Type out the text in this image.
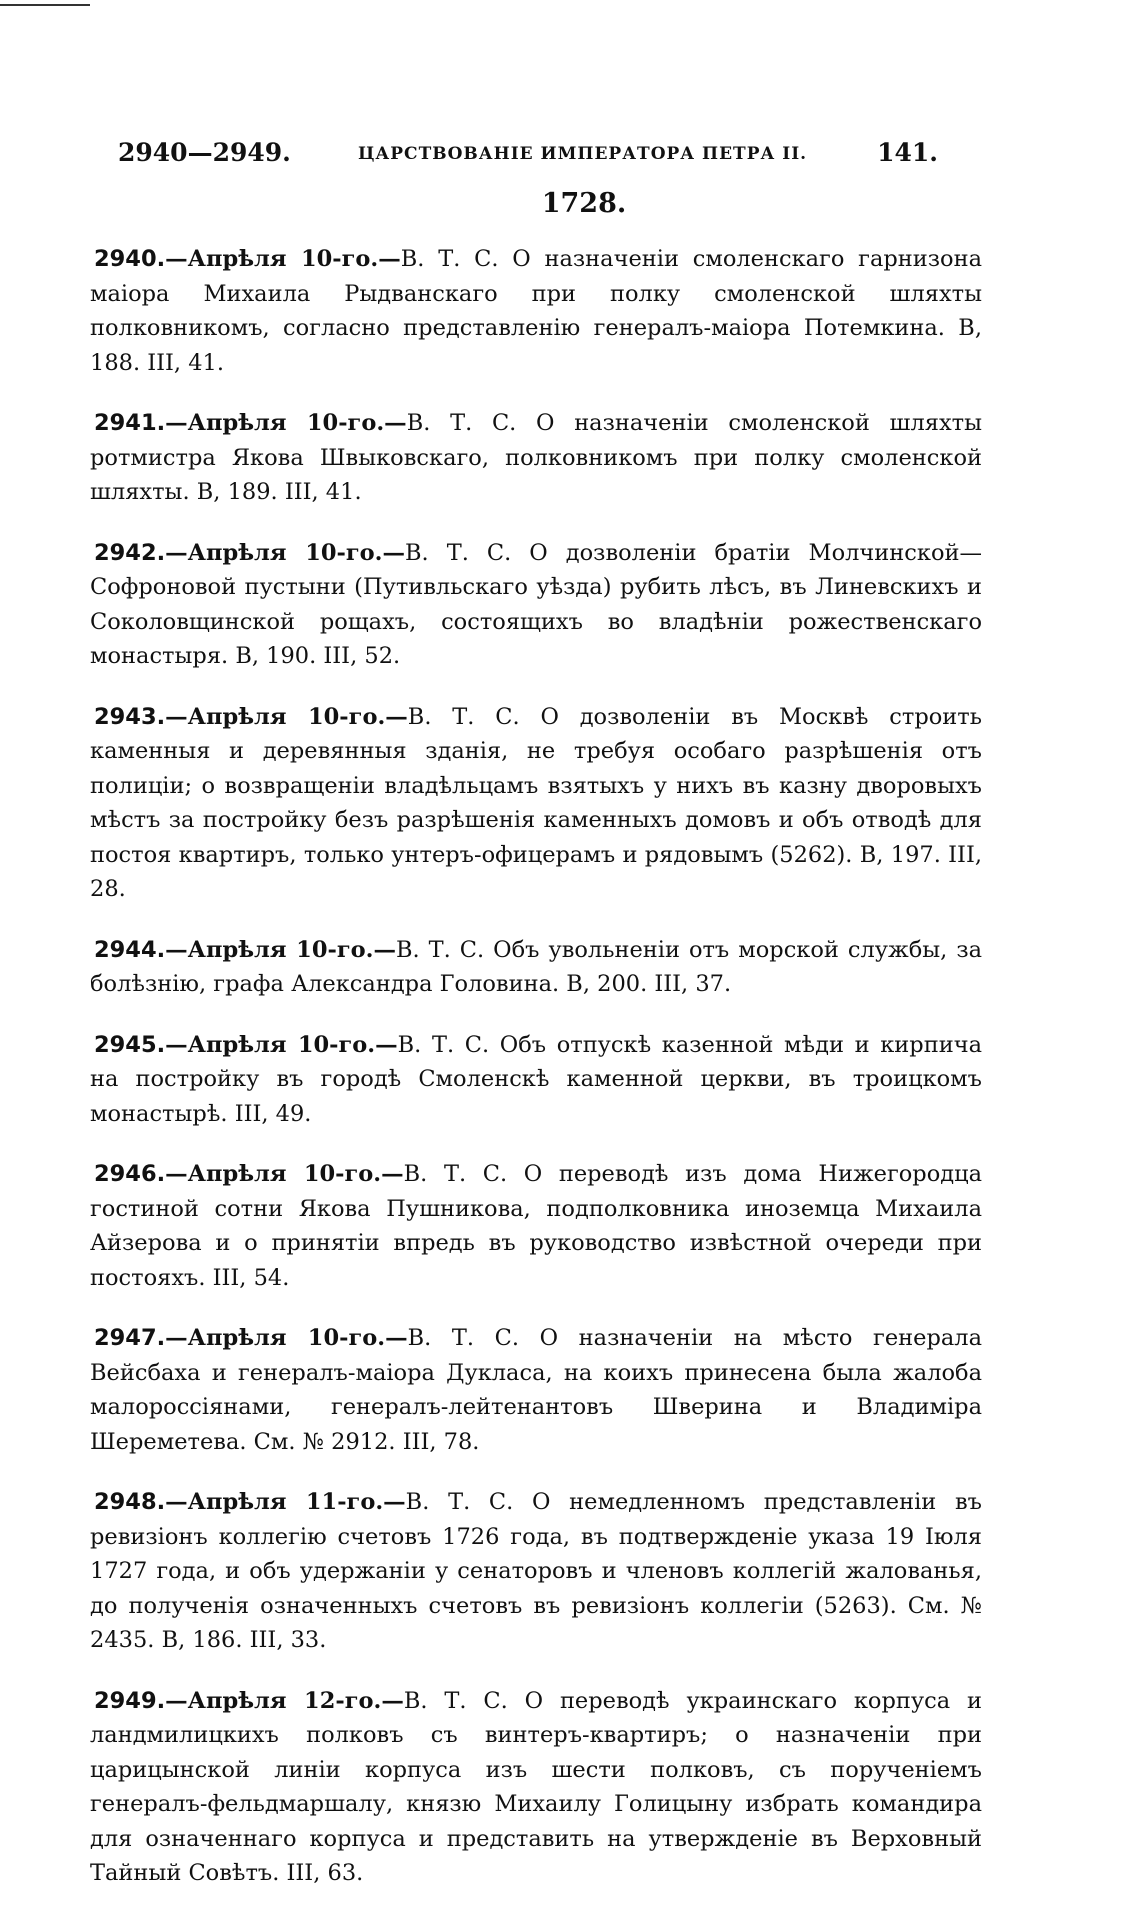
2940—2949.	ЦАРСТВОВАНІЕ ИМПЕРАТОРА ПЕТРА II.	141.
1728.

2940.—Апрѣля 10-го.—В. Т. С. О назначеніи смоленскаго гарнизона маіора Михаила Рыдванскаго при полку смоленской шляхты полковникомъ, согласно представленію генералъ-маіора Потемкина. В, 188. III, 41.

2941.—Апрѣля 10-го.—В. Т. С. О назначеніи смоленской шляхты ротмистра Якова Швыковскаго, полковникомъ при полку смоленской шляхты. В, 189. III, 41.

2942.—Апрѣля 10-го.—В. Т. С. О дозволеніи братіи Молчинской—Софроновой пустыни (Путивльскаго уѣзда) рубить лѣсъ, въ Линевскихъ и Соколовщинской рощахъ, состоящихъ во владѣніи рожественскаго монастыря. В, 190. III, 52.

2943.—Апрѣля 10-го.—В. Т. С. О дозволеніи въ Москвѣ строить каменныя и деревянныя зданія, не требуя особаго разрѣшенія отъ полиціи; о возвращеніи владѣльцамъ взятыхъ у нихъ въ казну дворовыхъ мѣстъ за постройку безъ разрѣшенія каменныхъ домовъ и объ отводѣ для постоя квартиръ, только унтеръ-офицерамъ и рядовымъ (5262). В, 197. III, 28.

2944.—Апрѣля 10-го.—В. Т. С. Объ увольненіи отъ морской службы, за болѣзнію, графа Александра Головина. В, 200. III, 37.

2945.—Апрѣля 10-го.—В. Т. С. Объ отпускѣ казенной мѣди и кирпича на постройку въ городѣ Смоленскѣ каменной церкви, въ троицкомъ монастырѣ. III, 49.

2946.—Апрѣля 10-го.—В. Т. С. О переводѣ изъ дома Нижегородца гостиной сотни Якова Пушникова, подполковника иноземца Михаила Айзерова и о принятіи впредь въ руководство извѣстной очереди при постояхъ. III, 54.

2947.—Апрѣля 10-го.—В. Т. С. О назначеніи на мѣсто генерала Вейсбаха и генералъ-маіора Дукласа, на коихъ принесена была жалоба малороссіянами, генералъ-лейтенантовъ Шверина и Владиміра Шереметева. См. № 2912. III, 78.

2948.—Апрѣля 11-го.—В. Т. С. О немедленномъ представленіи въ ревизіонъ коллегію счетовъ 1726 года, въ подтвержденіе указа 19 Іюля 1727 года, и объ удержаніи у сенаторовъ и членовъ коллегій жалованья, до полученія означенныхъ счетовъ въ ревизіонъ коллегіи (5263). См. № 2435. В, 186. III, 33.

2949.—Апрѣля 12-го.—В. Т. С. О переводѣ украинскаго корпуса и ландмилицкихъ полковъ съ винтеръ-квартиръ; о назначеніи при царицынской линіи корпуса изъ шести полковъ, съ порученіемъ генералъ-фельдмаршалу, князю Михаилу Голицыну избрать командира для означеннаго корпуса и представить на утвержденіе въ Верховный Тайный Совѣтъ. III, 63.
